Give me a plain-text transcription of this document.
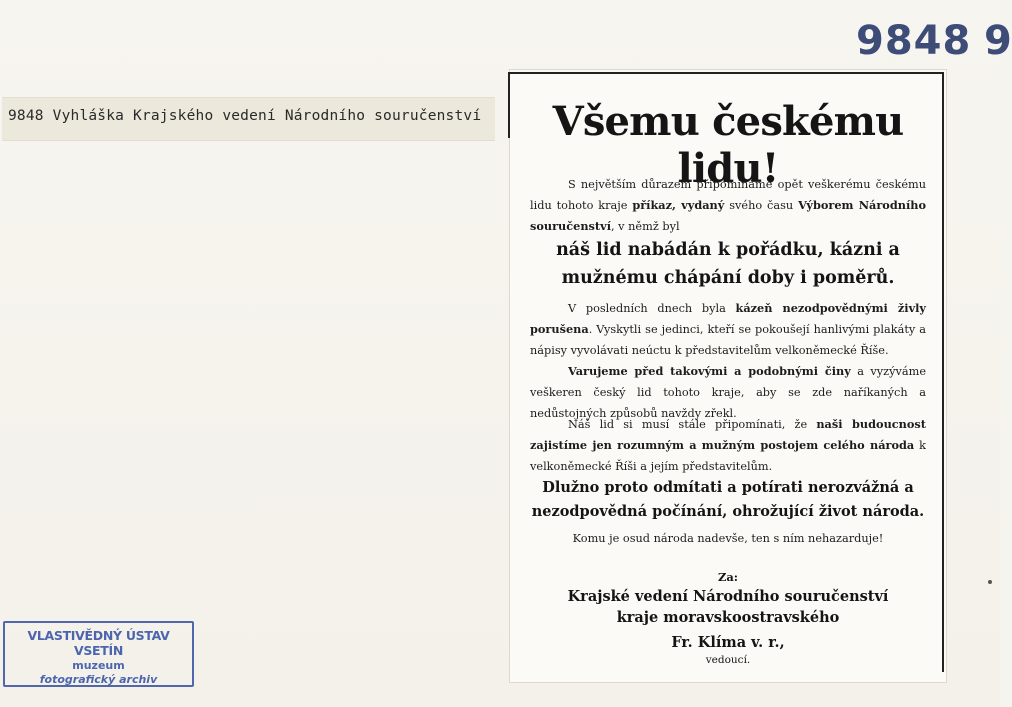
9848 Vyhláška Krajského vedení Národního souručenství
9848 9
VLASTIVĚDNÝ ÚSTAV VSETÍN
muzeum
fotografický archiv
Všemu českému lidu!
S největším důrazem připomínáme opět veškerému českému lidu tohoto kraje příkaz, vydaný svého času Výborem Národního souručenství, v němž byl
náš lid nabádán k pořádku, kázni a mužnému chápání doby i poměrů.
V posledních dnech byla kázeň nezodpovědnými živly porušena. Vyskytli se jedinci, kteří se pokoušejí hanlivými plakáty a nápisy vyvolávati neúctu k představitelům velkoněmecké Říše.
Varujeme před takovými a podobnými činy a vyzýváme veškeren český lid tohoto kraje, aby se zde naříkaných a nedůstojných způsobů navždy zřekl.
Náš lid si musí stále připomínati, že naši budoucnost zajistíme jen rozumným a mužným postojem celého národa k velkoněmecké Říši a jejím představitelům.
Dlužno proto odmítati a potírati nerozvážná a nezodpovědná počínání, ohrožující život národa.
Komu je osud národa nadevše, ten s ním nehazarduje!
Za:
Krajské vedení Národního souručenství
kraje moravskoostravského
Fr. Klíma v. r.,
vedoucí.
